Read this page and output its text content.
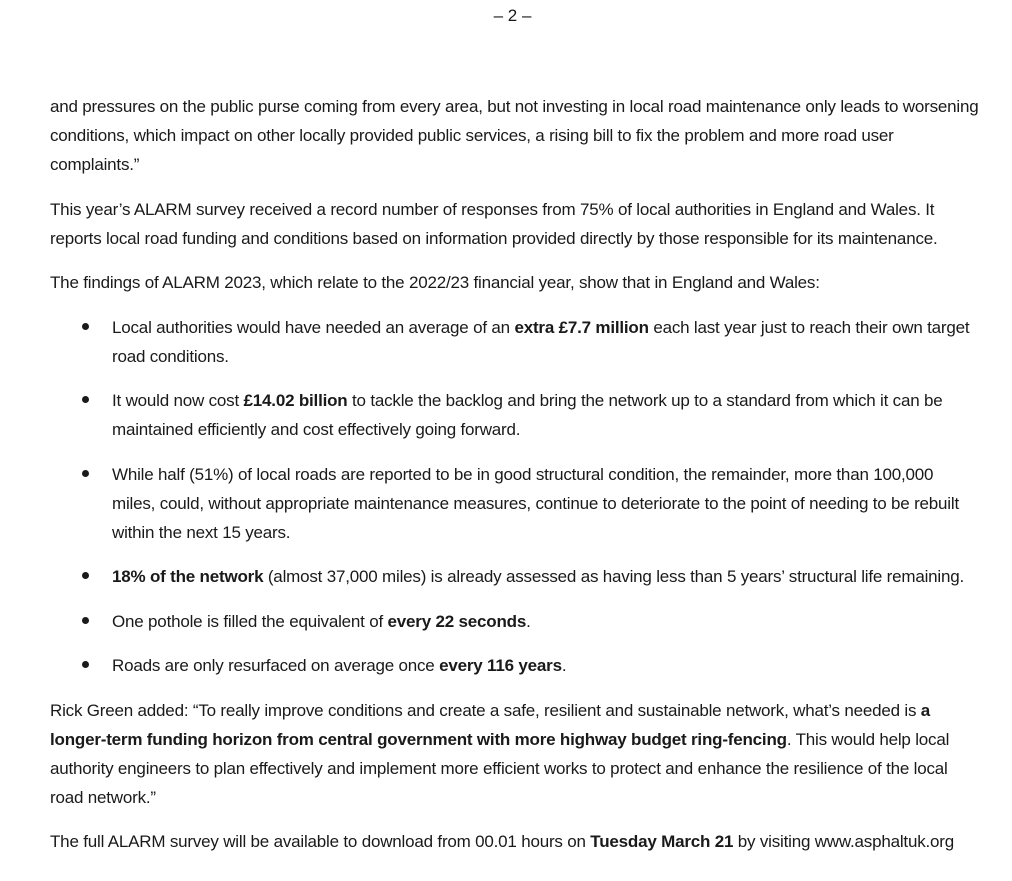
– 2 –

and pressures on the public purse coming from every area, but not investing in local road maintenance only leads to worsening conditions, which impact on other locally provided public services, a rising bill to fix the problem and more road user complaints.”

This year’s ALARM survey received a record number of responses from 75% of local authorities in England and Wales. It reports local road funding and conditions based on information provided directly by those responsible for its maintenance.

The findings of ALARM 2023, which relate to the 2022/23 financial year, show that in England and Wales:

Local authorities would have needed an average of an extra £7.7 million each last year just to reach their own target road conditions.
It would now cost £14.02 billion to tackle the backlog and bring the network up to a standard from which it can be maintained efficiently and cost effectively going forward.
While half (51%) of local roads are reported to be in good structural condition, the remainder, more than 100,000 miles, could, without appropriate maintenance measures, continue to deteriorate to the point of needing to be rebuilt within the next 15 years.
18% of the network (almost 37,000 miles) is already assessed as having less than 5 years’ structural life remaining.
One pothole is filled the equivalent of every 22 seconds.
Roads are only resurfaced on average once every 116 years.

Rick Green added: “To really improve conditions and create a safe, resilient and sustainable network, what’s needed is a longer-term funding horizon from central government with more highway budget ring-fencing. This would help local authority engineers to plan effectively and implement more efficient works to protect and enhance the resilience of the local road network.”

The full ALARM survey will be available to download from 00.01 hours on Tuesday March 21 by visiting www.asphaltuk.org
